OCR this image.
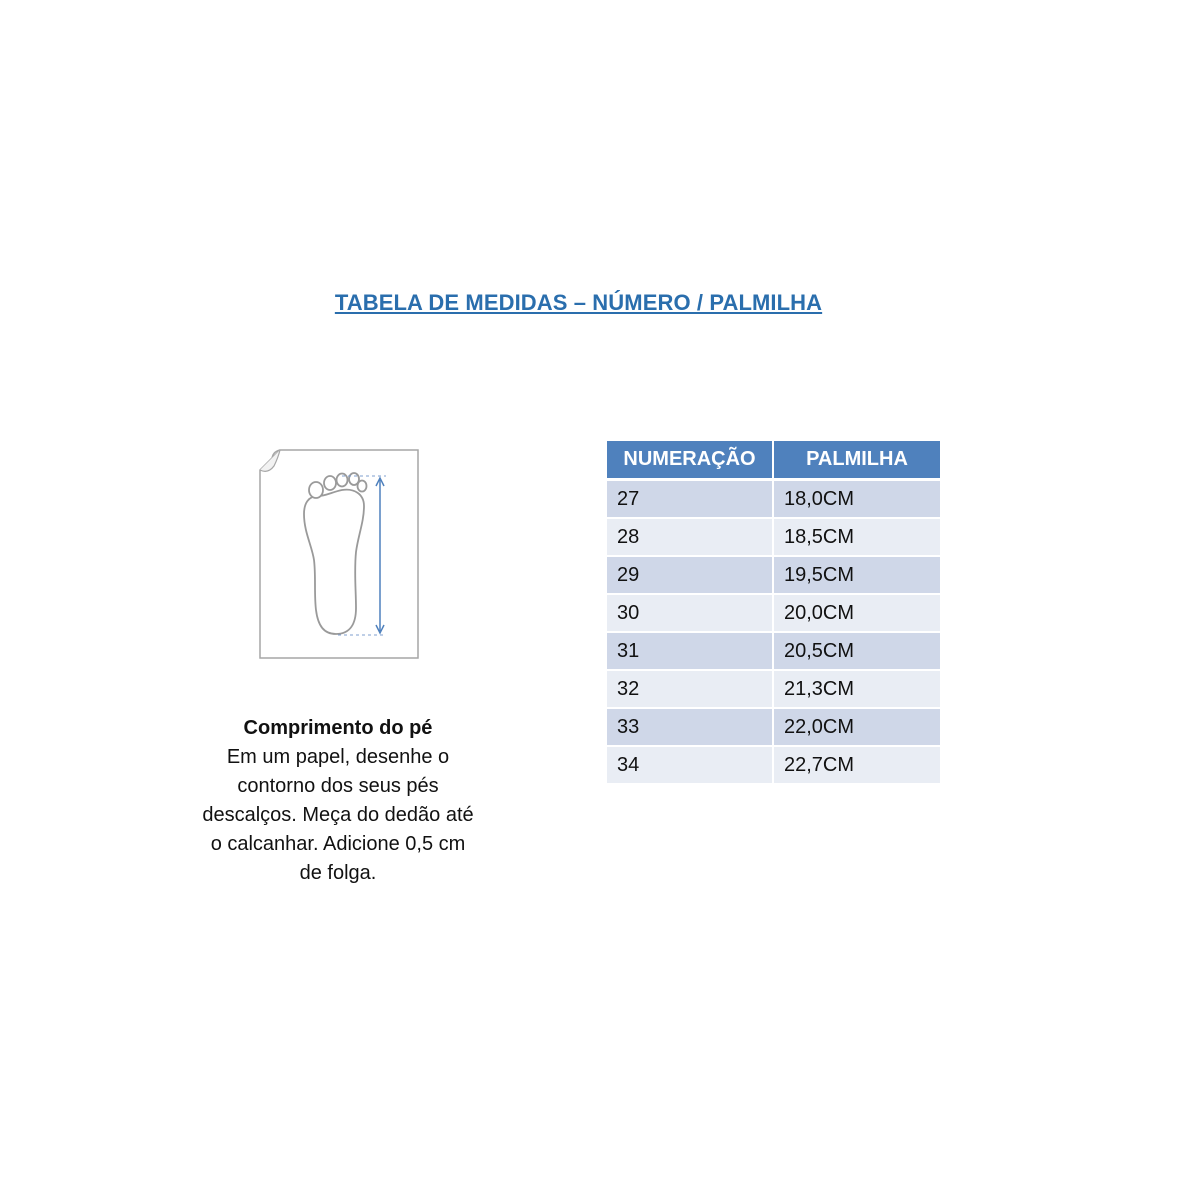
TABELA DE MEDIDAS – NÚMERO / PALMILHA
Comprimento do pé
Em um papel, desenhe o
contorno dos seus pés
descalços. Meça do dedão até
o calcanhar. Adicione 0,5 cm
de folga.
NUMERAÇÃO	PALMILHA
27	18,0CM
28	18,5CM
29	19,5CM
30	20,0CM
31	20,5CM
32	21,3CM
33	22,0CM
34	22,7CM
